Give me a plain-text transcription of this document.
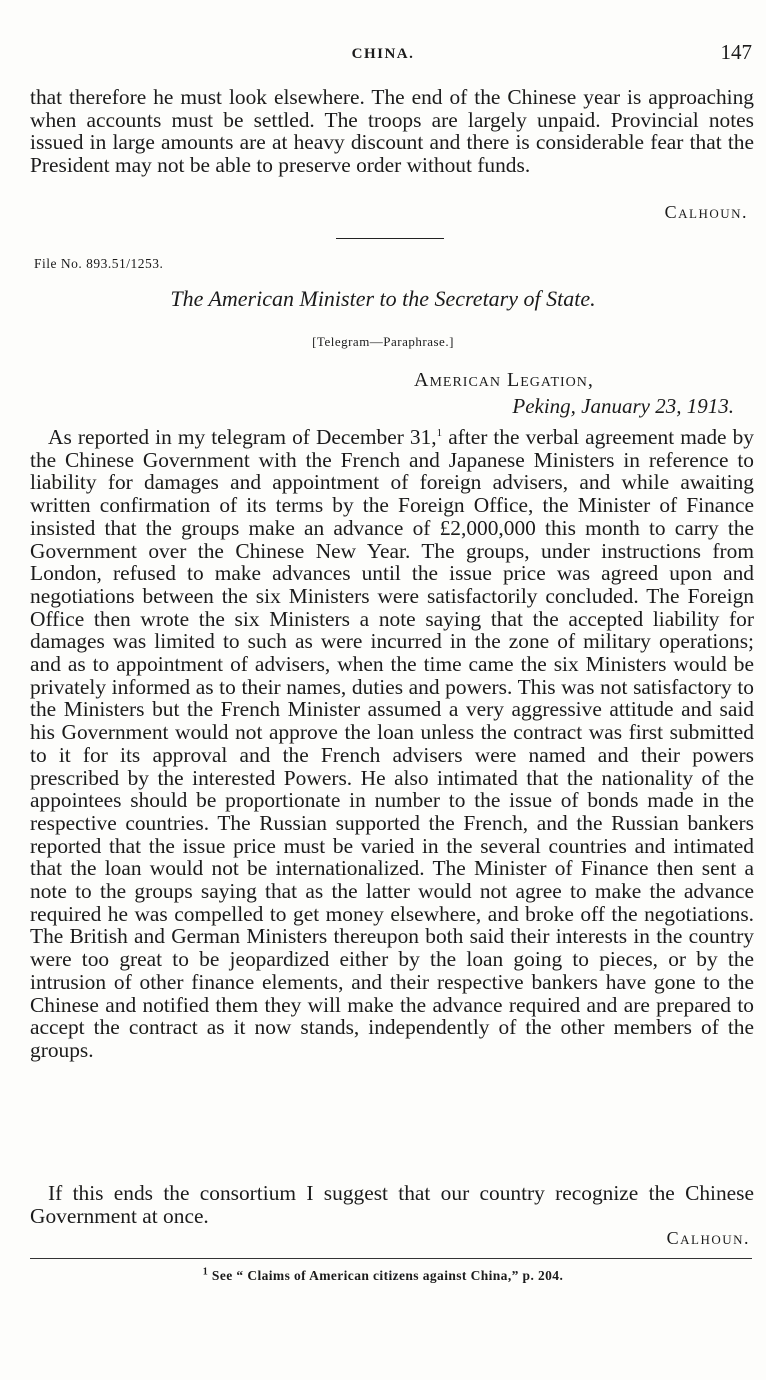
CHINA.	147

that therefore he must look elsewhere. The end of the Chinese year is approaching when accounts must be settled. The troops are largely unpaid. Provincial notes issued in large amounts are at heavy discount and there is considerable fear that the President may not be able to preserve order without funds.

Calhoun.
File No. 893.51/1253.
The American Minister to the Secretary of State.
[Telegram—Paraphrase.]
American Legation,
Peking, January 23, 1913.

As reported in my telegram of December 31,$^1$ after the verbal agreement made by the Chinese Government with the French and Japanese Ministers in reference to liability for damages and appointment of foreign advisers, and while awaiting written confirmation of its terms by the Foreign Office, the Minister of Finance insisted that the groups make an advance of £2,000,000 this month to carry the Government over the Chinese New Year. The groups, under instructions from London, refused to make advances until the issue price was agreed upon and negotiations between the six Ministers were satisfactorily concluded. The Foreign Office then wrote the six Ministers a note saying that the accepted liability for damages was limited to such as were incurred in the zone of military operations; and as to appointment of advisers, when the time came the six Ministers would be privately informed as to their names, duties and powers. This was not satisfactory to the Ministers but the French Minister assumed a very aggressive attitude and said his Government would not approve the loan unless the contract was first submitted to it for its approval and the French advisers were named and their powers prescribed by the interested Powers. He also intimated that the nationality of the appointees should be proportionate in number to the issue of bonds made in the respective countries. The Russian supported the French, and the Russian bankers reported that the issue price must be varied in the several countries and intimated that the loan would not be internationalized. The Minister of Finance then sent a note to the groups saying that as the latter would not agree to make the advance required he was compelled to get money elsewhere, and broke off the negotiations. The British and German Ministers thereupon both said their interests in the country were too great to be jeopardized either by the loan going to pieces, or by the intrusion of other finance elements, and their respective bankers have gone to the Chinese and notified them they will make the advance required and are prepared to accept the contract as it now stands, independently of the other members of the groups.

If this ends the consortium I suggest that our country recognize the Chinese Government at once.

Calhoun.
$^1$ See “ Claims of American citizens against China,” p. 204.
